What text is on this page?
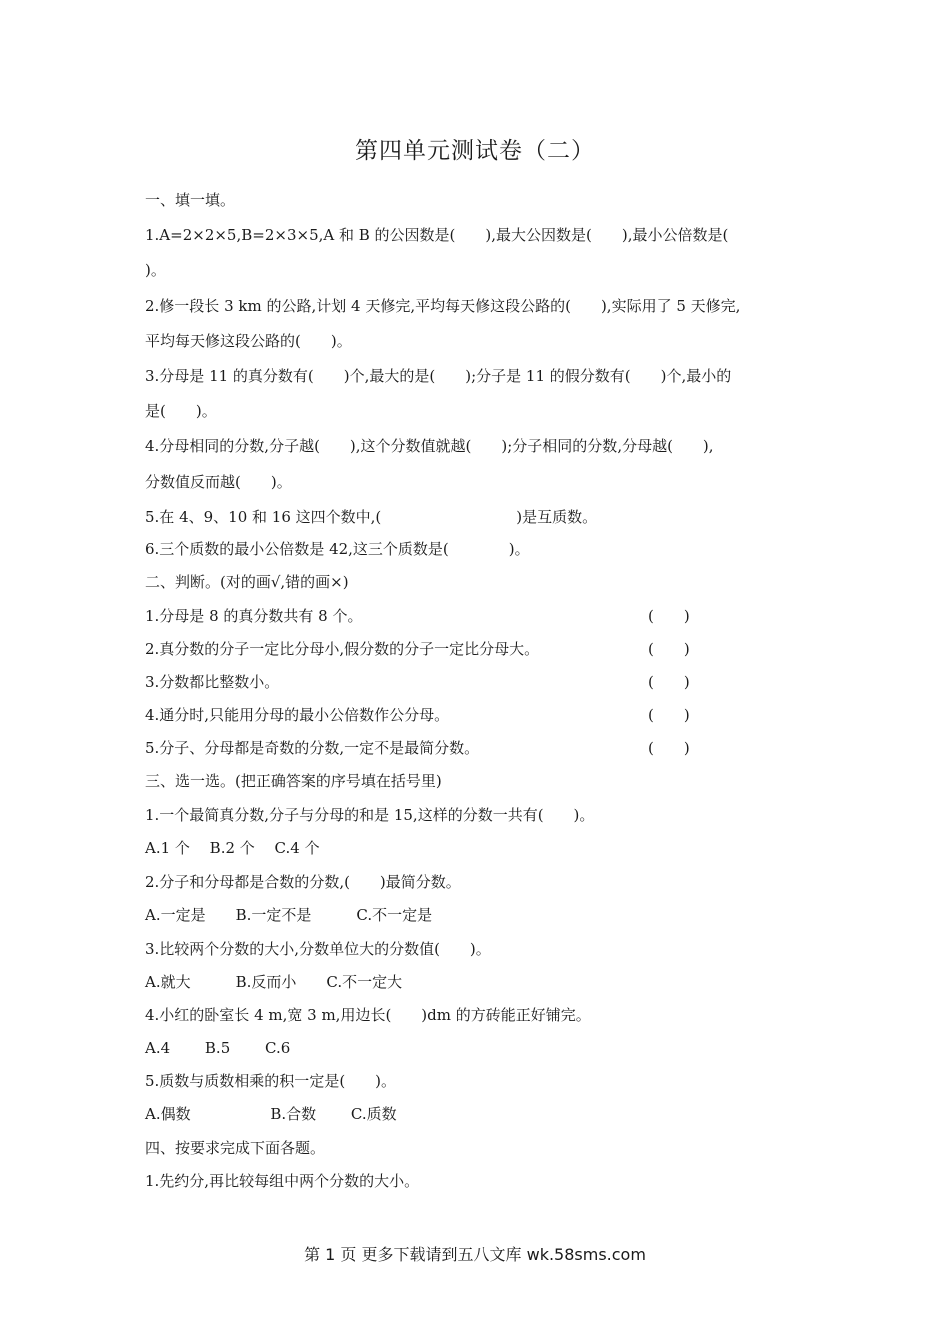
第四单元测试卷（二）
一、填一填。
1.A=2×2×5,B=2×3×5,A 和 B 的公因数是(　　),最大公因数是(　　),最小公倍数是(
)。
2.修一段长 3 km 的公路,计划 4 天修完,平均每天修这段公路的(　　),实际用了 5 天修完,
平均每天修这段公路的(　　)。
3.分母是 11 的真分数有(　　)个,最大的是(　　);分子是 11 的假分数有(　　)个,最小的
是(　　)。
4.分母相同的分数,分子越(　　),这个分数值就越(　　);分子相同的分数,分母越(　　),
分数值反而越(　　)。
5.在 4、9、10 和 16 这四个数中,(　　　　　　　　　)是互质数。
6.三个质数的最小公倍数是 42,这三个质数是(　　　　)。
二、判断。(对的画√,错的画×)
1.分母是 8 的真分数共有 8 个。	(　　)
2.真分数的分子一定比分母小,假分数的分子一定比分母大。	(　　)
3.分数都比整数小。	(　　)
4.通分时,只能用分母的最小公倍数作公分母。	(　　)
5.分子、分母都是奇数的分数,一定不是最简分数。	(　　)
三、选一选。(把正确答案的序号填在括号里)
1.一个最简真分数,分子与分母的和是 15,这样的分数一共有(　　)。
A.1 个　 B.2 个　 C.4 个
2.分子和分母都是合数的分数,(　　)最简分数。
A.一定是　　B.一定不是　　　C.不一定是
3.比较两个分数的大小,分数单位大的分数值(　　)。
A.就大　　　B.反而小　　C.不一定大
4.小红的卧室长 4 m,宽 3 m,用边长(　　)dm 的方砖能正好铺完。
A.4　　 B.5　　 C.6
5.质数与质数相乘的积一定是(　　)。
A.偶数　　　　　 B.合数　　 C.质数
四、按要求完成下面各题。
1.先约分,再比较每组中两个分数的大小。
第 1 页 更多下载请到五八文库 wk.58sms.com
